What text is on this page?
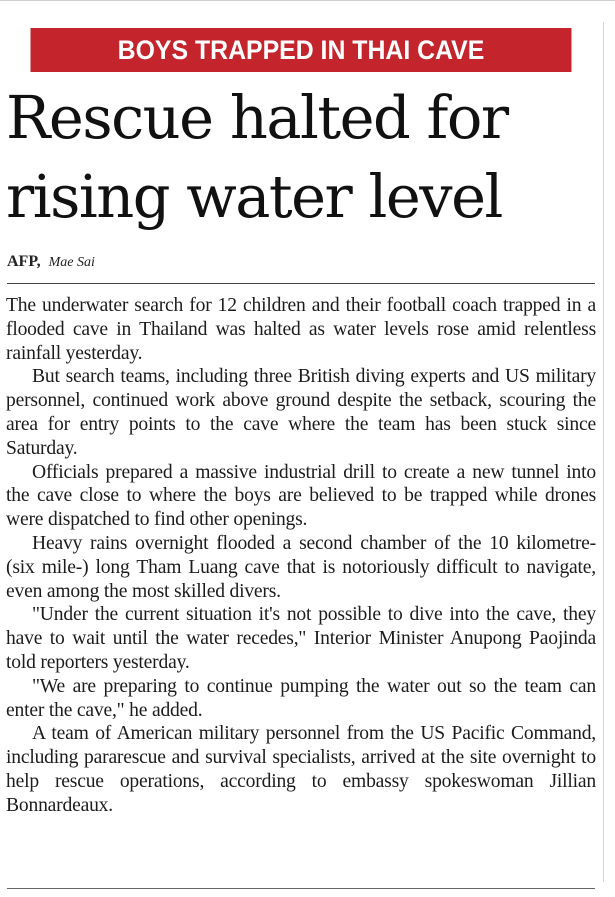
BOYS TRAPPED IN THAI CAVE
Rescue halted for
rising water level
AFP, Mae Sai

The underwater search for 12 children and their football coach trapped in a flooded cave in Thailand was halted as water levels rose amid relentless rainfall yesterday.

But search teams, including three British diving experts and US military personnel, continued work above ground despite the setback, scouring the area for entry points to the cave where the team has been stuck since Saturday.

Officials prepared a massive industrial drill to create a new tunnel into the cave close to where the boys are believed to be trapped while drones were dispatched to find other openings.

Heavy rains overnight flooded a second chamber of the 10 kilometre- (six mile-) long Tham Luang cave that is notoriously difficult to navigate, even among the most skilled divers.

"Under the current situation it's not possible to dive into the cave, they have to wait until the water recedes," Interior Minister Anupong Paojinda told reporters yesterday.

"We are preparing to continue pumping the water out so the team can enter the cave," he added.

A team of American military personnel from the US Pacific Command, including pararescue and survival specialists, arrived at the site overnight to help rescue operations, according to embassy spokeswoman Jillian Bonnardeaux.
